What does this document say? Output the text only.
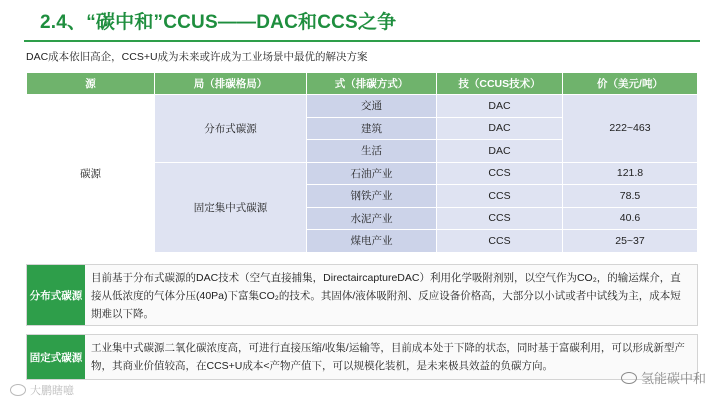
2.4、“碳中和”CCUS——DAC和CCS之争
DAC成本依旧高企，CCS+U成为未来或许成为工业场景中最优的解决方案
源	局（排碳格局）	式（排碳方式）	技（CCUS技术）	价（美元/吨）
碳源	分布式碳源	交通	DAC	222~463
		建筑	DAC	
		生活	DAC	
	固定集中式碳源	石油产业	CCS	121.8
		钢铁产业	CCS	78.5
		水泥产业	CCS	40.6
		煤电产业	CCS	25~37
分布式碳源
目前基于分布式碳源的DAC技术（空气直接捕集，DirectaircaptureDAC）利用化学吸附剂别，以空气作为CO₂，的输运煤介，直接从低浓度的气体分压(40Pa)下富集CO₂的技术。其固体/液体吸附剂、反应设备价格高，大部分以小试或者中试线为主，成本短期难以下降。
固定式碳源
工业集中式碳源二氧化碳浓度高，可进行直接压缩/收集/运输等，目前成本处于下降的状态，同时基于富碳利用，可以形成新型产物，其商业价值较高，在CCS+U成本<产物产值下，可以规模化装机，是未来极具效益的负碳方向。
大鹏瞎噫
氢能碳中和
